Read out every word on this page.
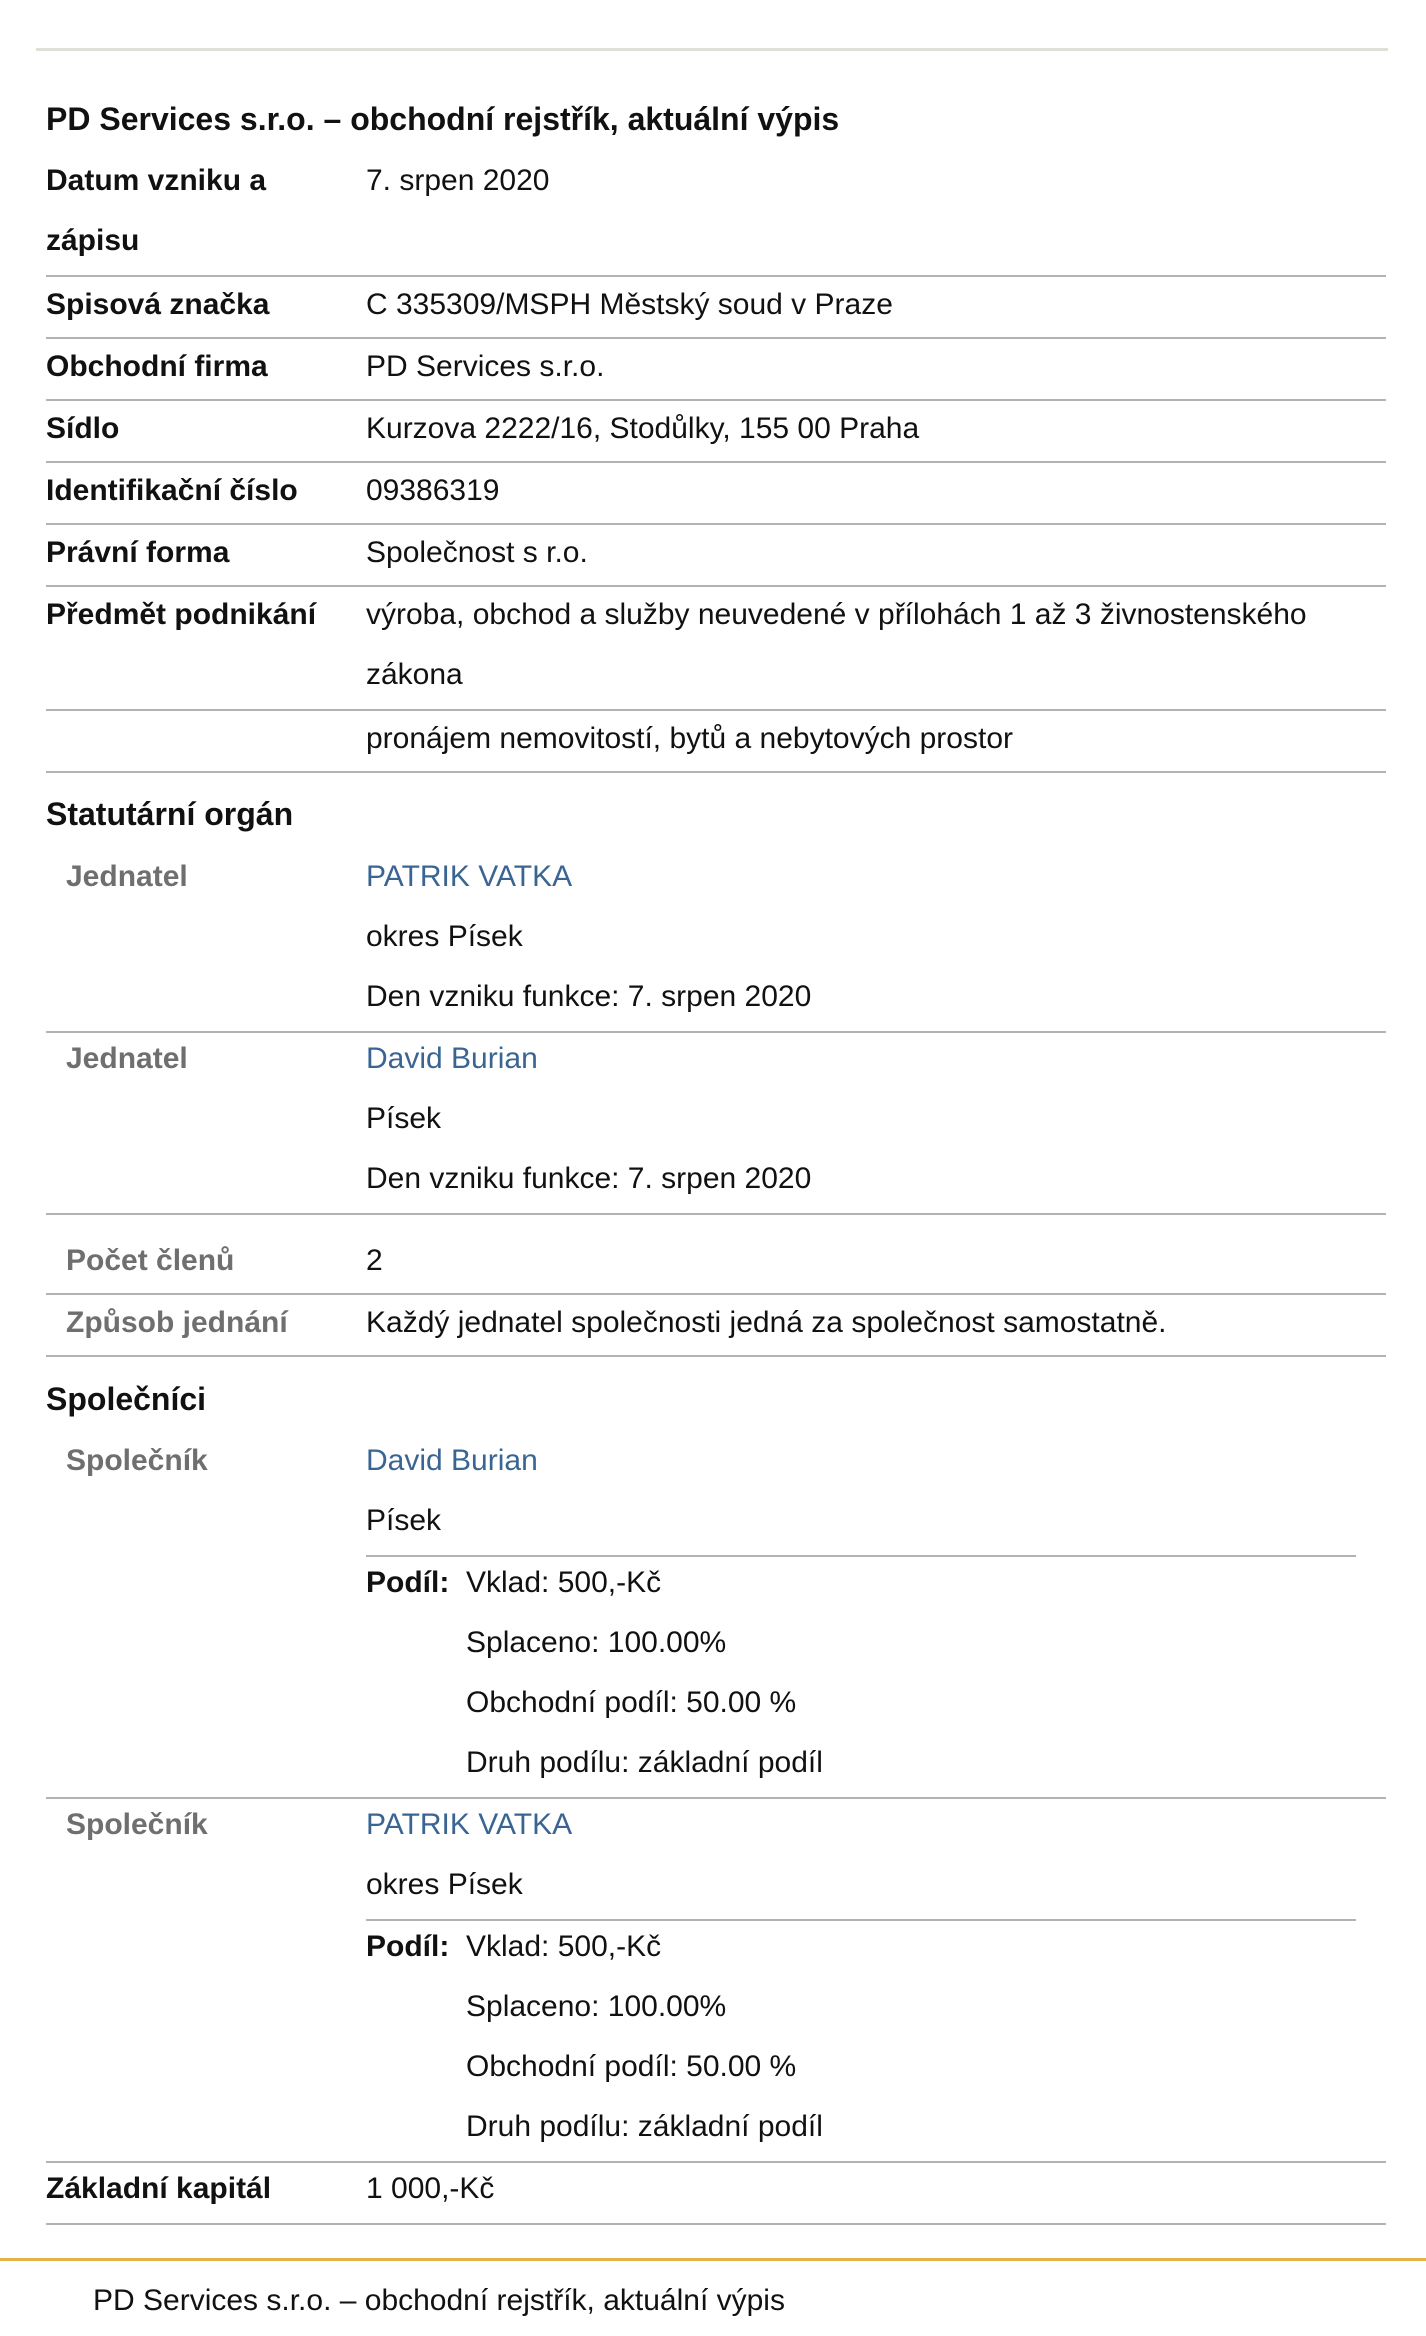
PD Services s.r.o. – obchodní rejstřík, aktuální výpis
Datum vzniku a
zápisu
7. srpen 2020
Spisová značka	C 335309/MSPH Městský soud v Praze
Obchodní firma	PD Services s.r.o.
Sídlo	Kurzova 2222/16, Stodůlky, 155 00 Praha
Identifikační číslo 09386319
Právní forma	Společnost s r.o.
Předmět podnikání výroba, obchod a služby neuvedené v přílohách 1 až 3 živnostenského
zákona
pronájem nemovitostí, bytů a nebytových prostor
Statutární orgán
Jednatel	PATRIK VATKA
okres Písek
Den vzniku funkce: 7. srpen 2020
Jednatel	David Burian
Písek
Den vzniku funkce: 7. srpen 2020
Počet členů	2
Způsob jednání	Každý jednatel společnosti jedná za společnost samostatně.
Společníci
Společník	David Burian
Písek
Podíl: Vklad: 500,-Kč
Splaceno: 100.00%
Obchodní podíl: 50.00 %
Druh podílu: základní podíl
Společník	PATRIK VATKA
okres Písek
Podíl: Vklad: 500,-Kč
Splaceno: 100.00%
Obchodní podíl: 50.00 %
Druh podílu: základní podíl
Základní kapitál	1 000,-Kč
PD Services s.r.o. – obchodní rejstřík, aktuální výpis
